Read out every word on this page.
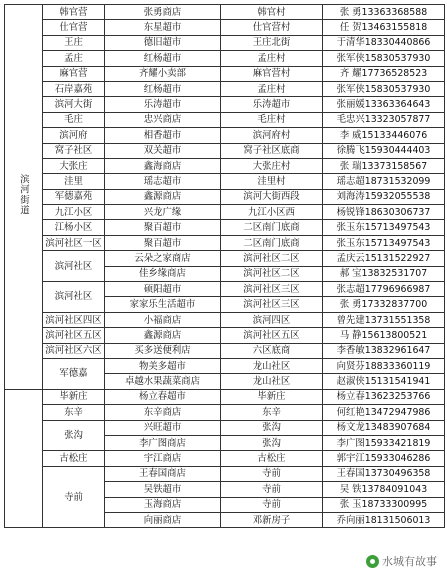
滨河街道	韩官营	张勇商店	韩官村	张 勇13363368588
	仕官营	东星超市	仕官营村	任 贺13463155818
	王庄	德旧超市	王庄北街	于清华18330440866
	孟庄	红杨超市	孟庄村	张军侠15830537930
	麻官营	齐耀小卖部	麻官营村	齐 耀17736528523
	石岸嘉苑	红杨超市	孟庄村	张军侠15830537930
	滨河大街	乐涛超市	乐涛超市	张丽媛13363364643
	毛庄	忠兴商店	毛庄村	毛忠兴13323057877
	滨河府	相香超市	滨河府村	李 威15133446076
	窝子社区	双关超市	窝子社区底商	徐腾飞15930444403
	大张庄	鑫海商店	大张庄村	张 瑞13373158567
	洼里	瑶志超市	洼里村	瑶志超18731532099
	军德嘉苑	鑫源商店	滨河大街西段	刘海涛15932055538
	九江小区	兴龙广缘	九江小区西	杨锐锋18630306737
	江杨小区	聚百超市	二区南门底商	张玉东15713497543
	滨河社区一区	聚百超市	二区南门底商	张玉东15713497543
	滨河社区	云朵之家商店	滨河社区二区	孟庆云15131522927
		佳乡缘商店	滨河社区二区	郝 宝13832531707
	滨河社区	硕阳超市	滨河社区三区	张志超17796966987
		家家乐生活超市	滨河社区三区	张 勇17332837700
	滨河社区四区	小福商店	滨河四区	曾先建13731551358
	滨河社区五区	鑫源商店	滨河社区五区	马 静15613800521
	滨河社区六区	买多送便利店	六区底商	李香敏13832961647
	军德嘉	物美多超市	龙山社区	向贤芬18833360119
		卓越水果蔬菜商店	龙山社区	赵淑侠15131541941
	毕新庄	杨立春超市	毕新庄	杨立春13623253766
	东辛	东辛商店	东辛	何红艳13472947986
	张沟	兴旺超市	张沟	杨文龙13483907684
		李广图商店	张沟	李广图15933421819
	古松庄	宇江商店	古松庄	郭宇江15933046286
	寺前	王春国商店	寺前	王春国13730496358
		吴铁超市	寺前	吴 铁13784091043
		玉海商店	寺前	张 玉18733300995
		向丽商店	邓新房子	乔向丽18131506013
水城有故事
